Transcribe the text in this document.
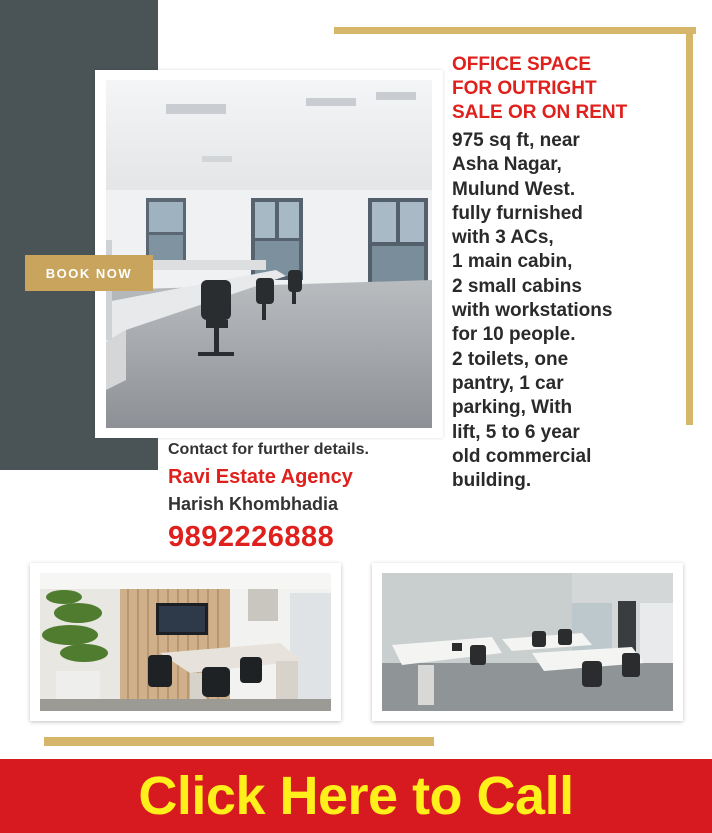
BOOK NOW
OFFICE SPACE
FOR OUTRIGHT
SALE OR ON RENT
975 sq ft, near
Asha Nagar,
Mulund West.
fully furnished
with 3 ACs,
1 main cabin,
2 small cabins
with workstations
for 10 people.
2 toilets, one
pantry, 1 car
parking, With
lift, 5 to 6 year
old commercial
building.
Contact for further details.
Ravi Estate Agency
Harish Khombhadia
9892226888
Click Here to Call
